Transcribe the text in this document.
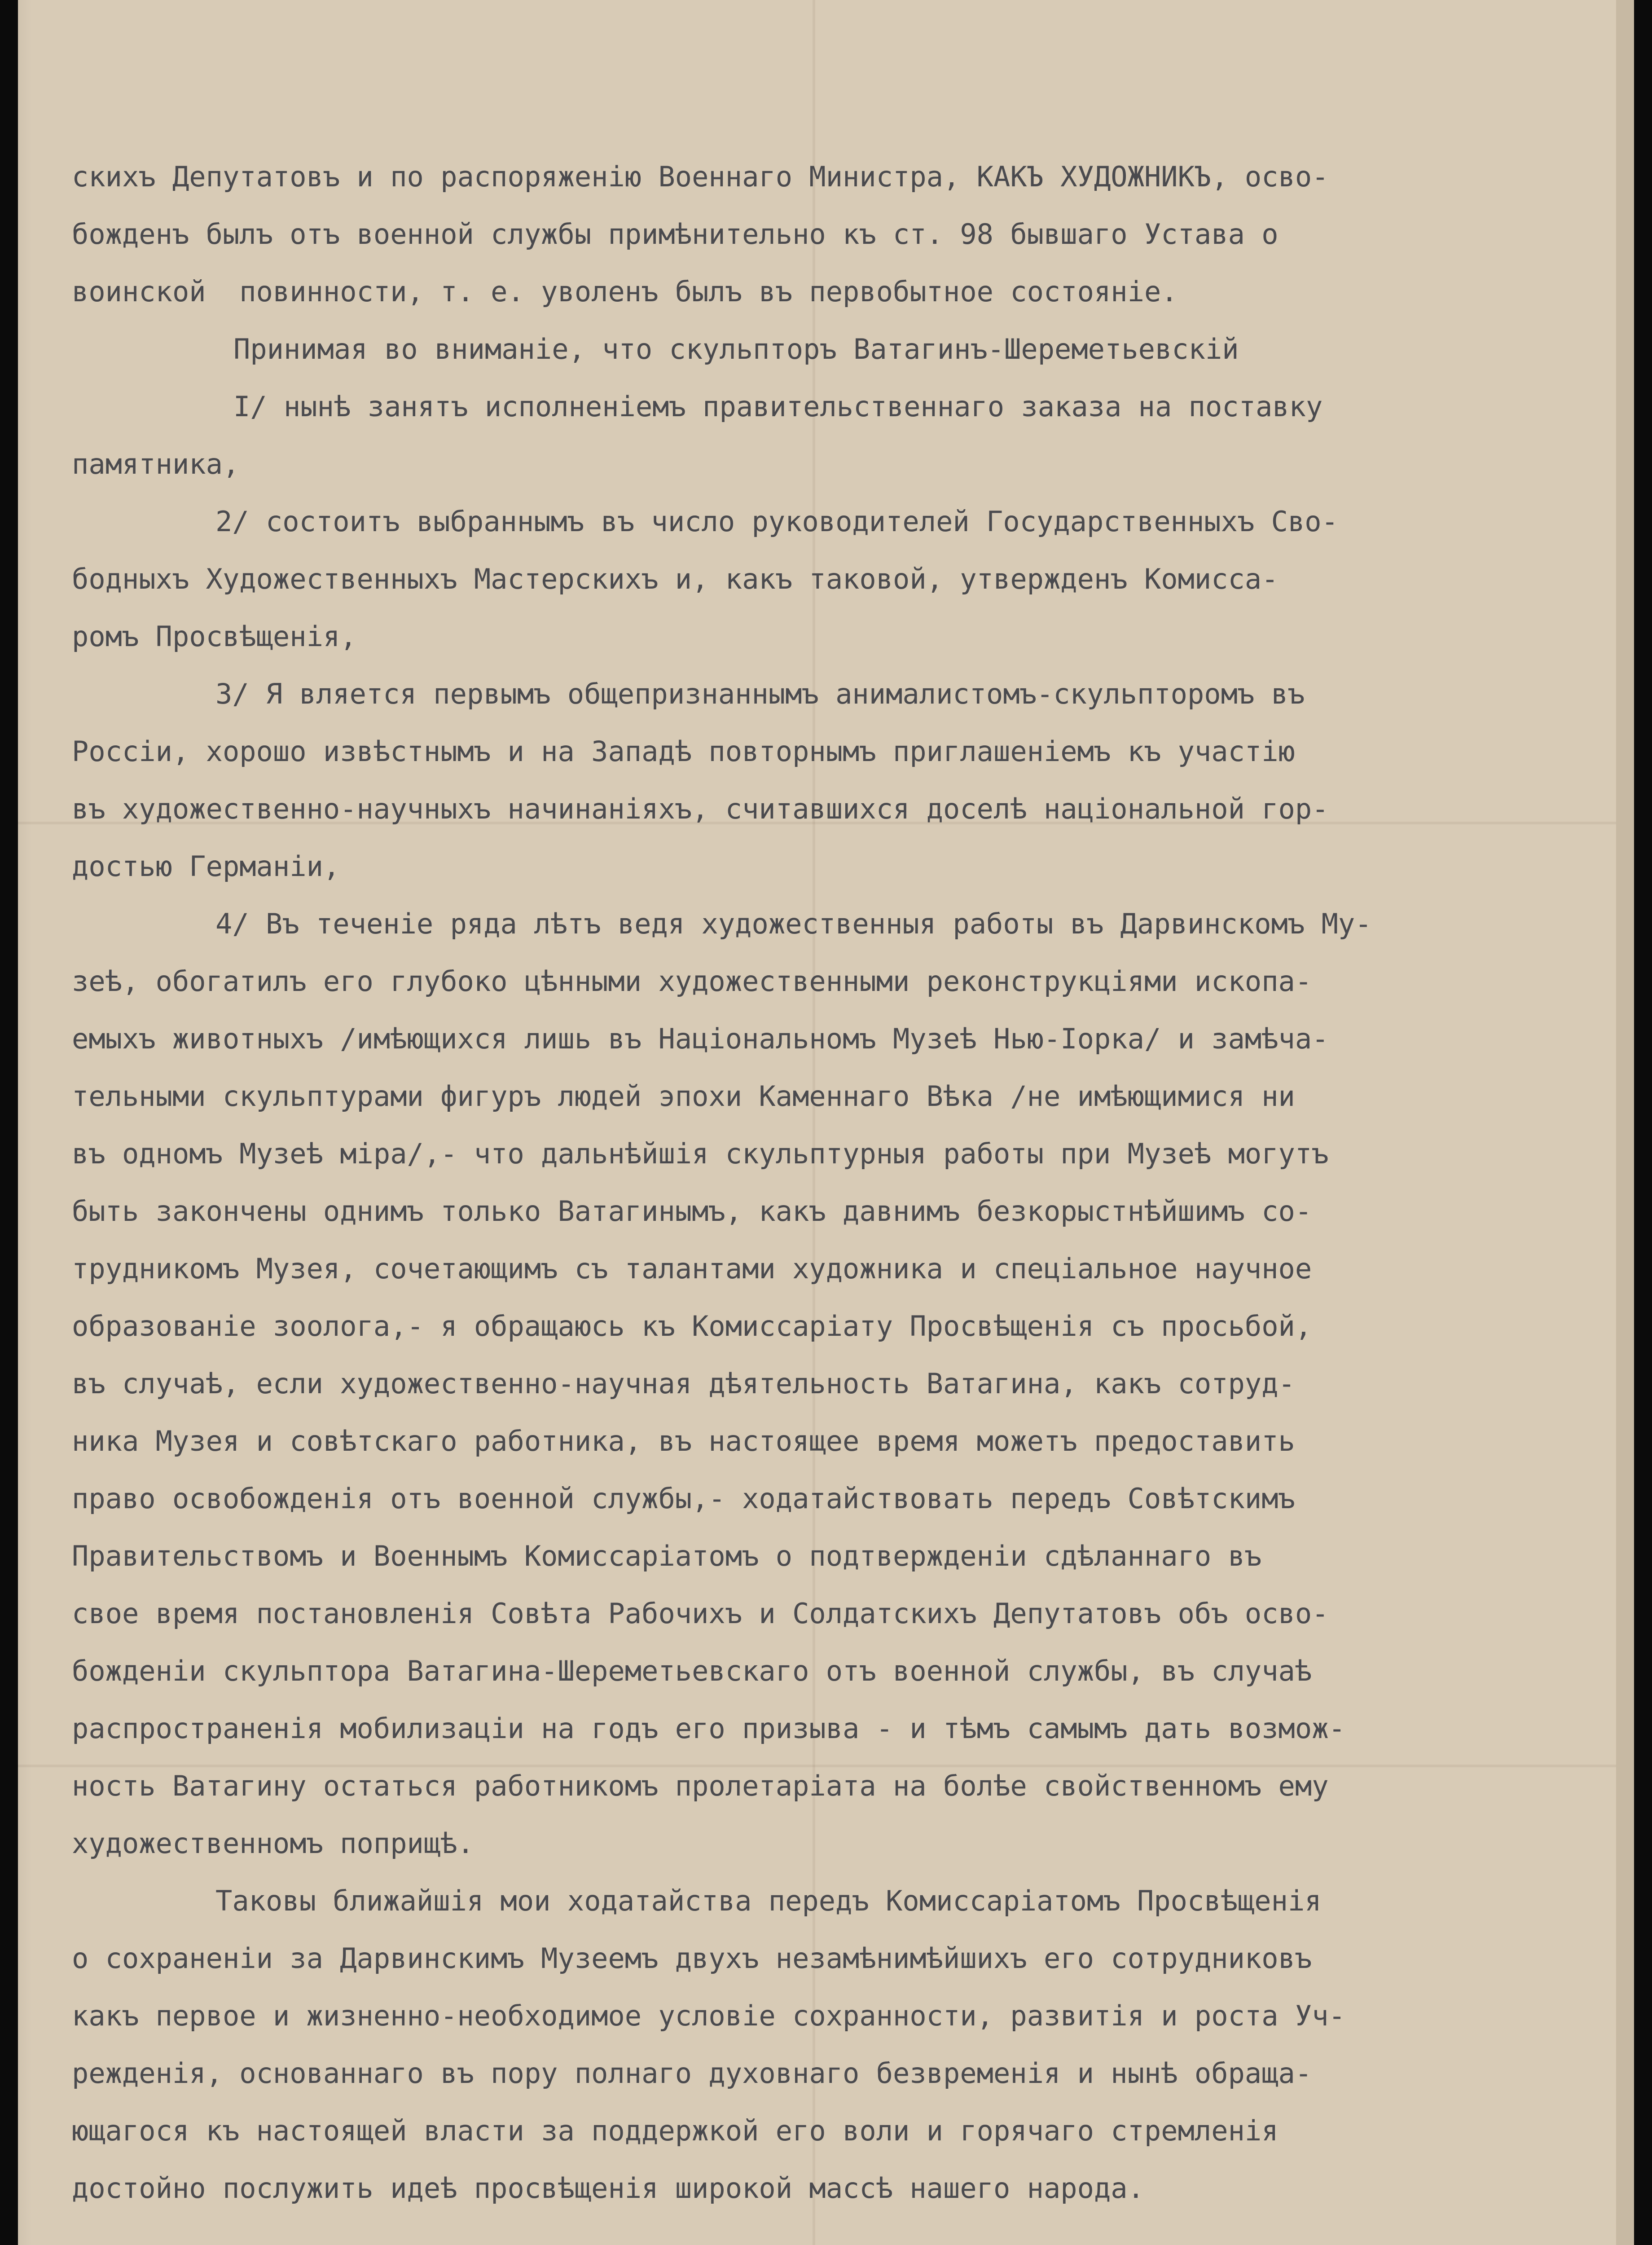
скихъ Депутатовъ и по распоряженію Военнаго Министра, КАКЪ ХУДОЖНИКЪ, осво-
божденъ былъ отъ военной службы примѣнительно къ ст. 98 бывшаго Устава о
воинской  повинности, т. е. уволенъ былъ въ первобытное состояніе.
Принимая во вниманіе, что скульпторъ Ватагинъ-Шереметьевскій
I/ нынѣ занятъ исполненіемъ правительственнаго заказа на поставку
памятника,
2/ состоитъ выбраннымъ въ число руководителей Государственныхъ Сво-
бодныхъ Художественныхъ Мастерскихъ и, какъ таковой, утвержденъ Комисса-
ромъ Просвѣщенія,
3/ Я вляется первымъ общепризнаннымъ анималистомъ-скульпторомъ въ
Россіи, хорошо извѣстнымъ и на Западѣ повторнымъ приглашеніемъ къ участію
въ художественно-научныхъ начинаніяхъ, считавшихся доселѣ національной гор-
достью Германіи,
4/ Въ теченіе ряда лѣтъ ведя художественныя работы въ Дарвинскомъ Му-
зеѣ, обогатилъ его глубоко цѣнными художественными реконструкціями ископа-
емыхъ животныхъ /имѣющихся лишь въ Національномъ Музеѣ Нью-Іорка/ и замѣча-
тельными скульптурами фигуръ людей эпохи Каменнаго Вѣка /не имѣющимися ни
въ одномъ Музеѣ міра/,- что дальнѣйшія скульптурныя работы при Музеѣ могутъ
быть закончены однимъ только Ватагинымъ, какъ давнимъ безкорыстнѣйшимъ со-
трудникомъ Музея, сочетающимъ съ талантами художника и спеціальное научное
образованіе зоолога,- я обращаюсь къ Комиссаріату Просвѣщенія съ просьбой,
въ случаѣ, если художественно-научная дѣятельность Ватагина, какъ сотруд-
ника Музея и совѣтскаго работника, въ настоящее время можетъ предоставить
право освобожденія отъ военной службы,- ходатайствовать передъ Совѣтскимъ
Правительствомъ и Военнымъ Комиссаріатомъ о подтвержденіи сдѣланнаго въ
свое время постановленія Совѣта Рабочихъ и Солдатскихъ Депутатовъ объ осво-
божденіи скульптора Ватагина-Шереметьевскаго отъ военной службы, въ случаѣ
распространенія мобилизаціи на годъ его призыва - и тѣмъ самымъ дать возмож-
ность Ватагину остаться работникомъ пролетаріата на болѣе свойственномъ ему
художественномъ поприщѣ.
Таковы ближайшія мои ходатайства передъ Комиссаріатомъ Просвѣщенія
о сохраненіи за Дарвинскимъ Музеемъ двухъ незамѣнимѣйшихъ его сотрудниковъ
какъ первое и жизненно-необходимое условіе сохранности, развитія и роста Уч-
режденія, основаннаго въ пору полнаго духовнаго безвременія и нынѣ обраща-
ющагося къ настоящей власти за поддержкой его воли и горячаго стремленія
достойно послужить идеѣ просвѣщенія широкой массѣ нашего народа.
